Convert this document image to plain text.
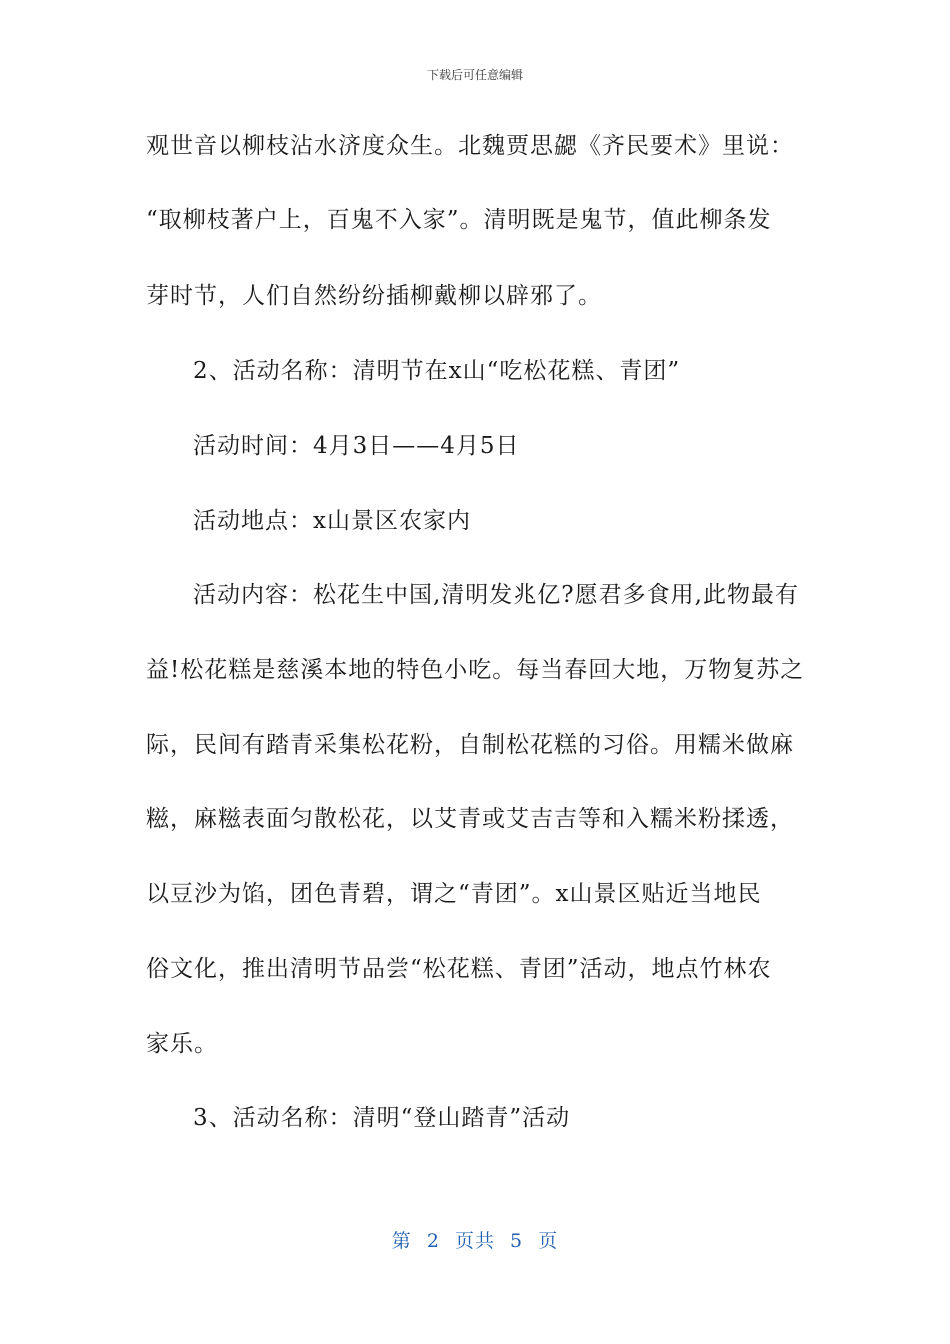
下载后可任意编辑
观世音以柳枝沾水济度众生。北魏贾思勰《齐民要术》里说：
“取柳枝著户上，百鬼不入家”。清明既是鬼节，值此柳条发
芽时节，人们自然纷纷插柳戴柳以辟邪了。
2、活动名称：清明节在x山“吃松花糕、青团”
活动时间：4月3日——4月5日
活动地点：x山景区农家内
活动内容：松花生中国,清明发兆亿?愿君多食用,此物最有
益!松花糕是慈溪本地的特色小吃。每当春回大地，万物复苏之
际，民间有踏青采集松花粉，自制松花糕的习俗。用糯米做麻
糍，麻糍表面匀散松花，以艾青或艾吉吉等和入糯米粉揉透，
以豆沙为馅，团色青碧，谓之“青团”。x山景区贴近当地民
俗文化，推出清明节品尝“松花糕、青团”活动，地点竹林农
家乐。
3、活动名称：清明“登山踏青”活动
第 2 页共 5 页
